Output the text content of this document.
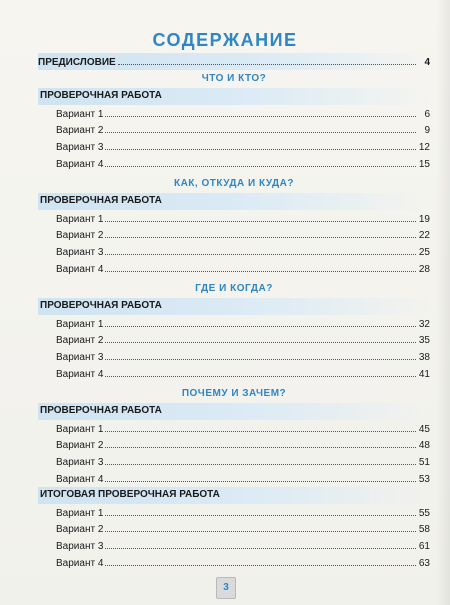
СОДЕРЖАНИЕ
ПРЕДИСЛОВИЕ	4
ЧТО И КТО?
ПРОВЕРОЧНАЯ РАБОТА
Вариант 1	6
Вариант 2	9
Вариант 3	12
Вариант 4	15
КАК, ОТКУДА И КУДА?
ПРОВЕРОЧНАЯ РАБОТА
Вариант 1	19
Вариант 2	22
Вариант 3	25
Вариант 4	28
ГДЕ И КОГДА?
ПРОВЕРОЧНАЯ РАБОТА
Вариант 1	32
Вариант 2	35
Вариант 3	38
Вариант 4	41
ПОЧЕМУ И ЗАЧЕМ?
ПРОВЕРОЧНАЯ РАБОТА
Вариант 1	45
Вариант 2	48
Вариант 3	51
Вариант 4	53
ИТОГОВАЯ ПРОВЕРОЧНАЯ РАБОТА
Вариант 1	55
Вариант 2	58
Вариант 3	61
Вариант 4	63
3
